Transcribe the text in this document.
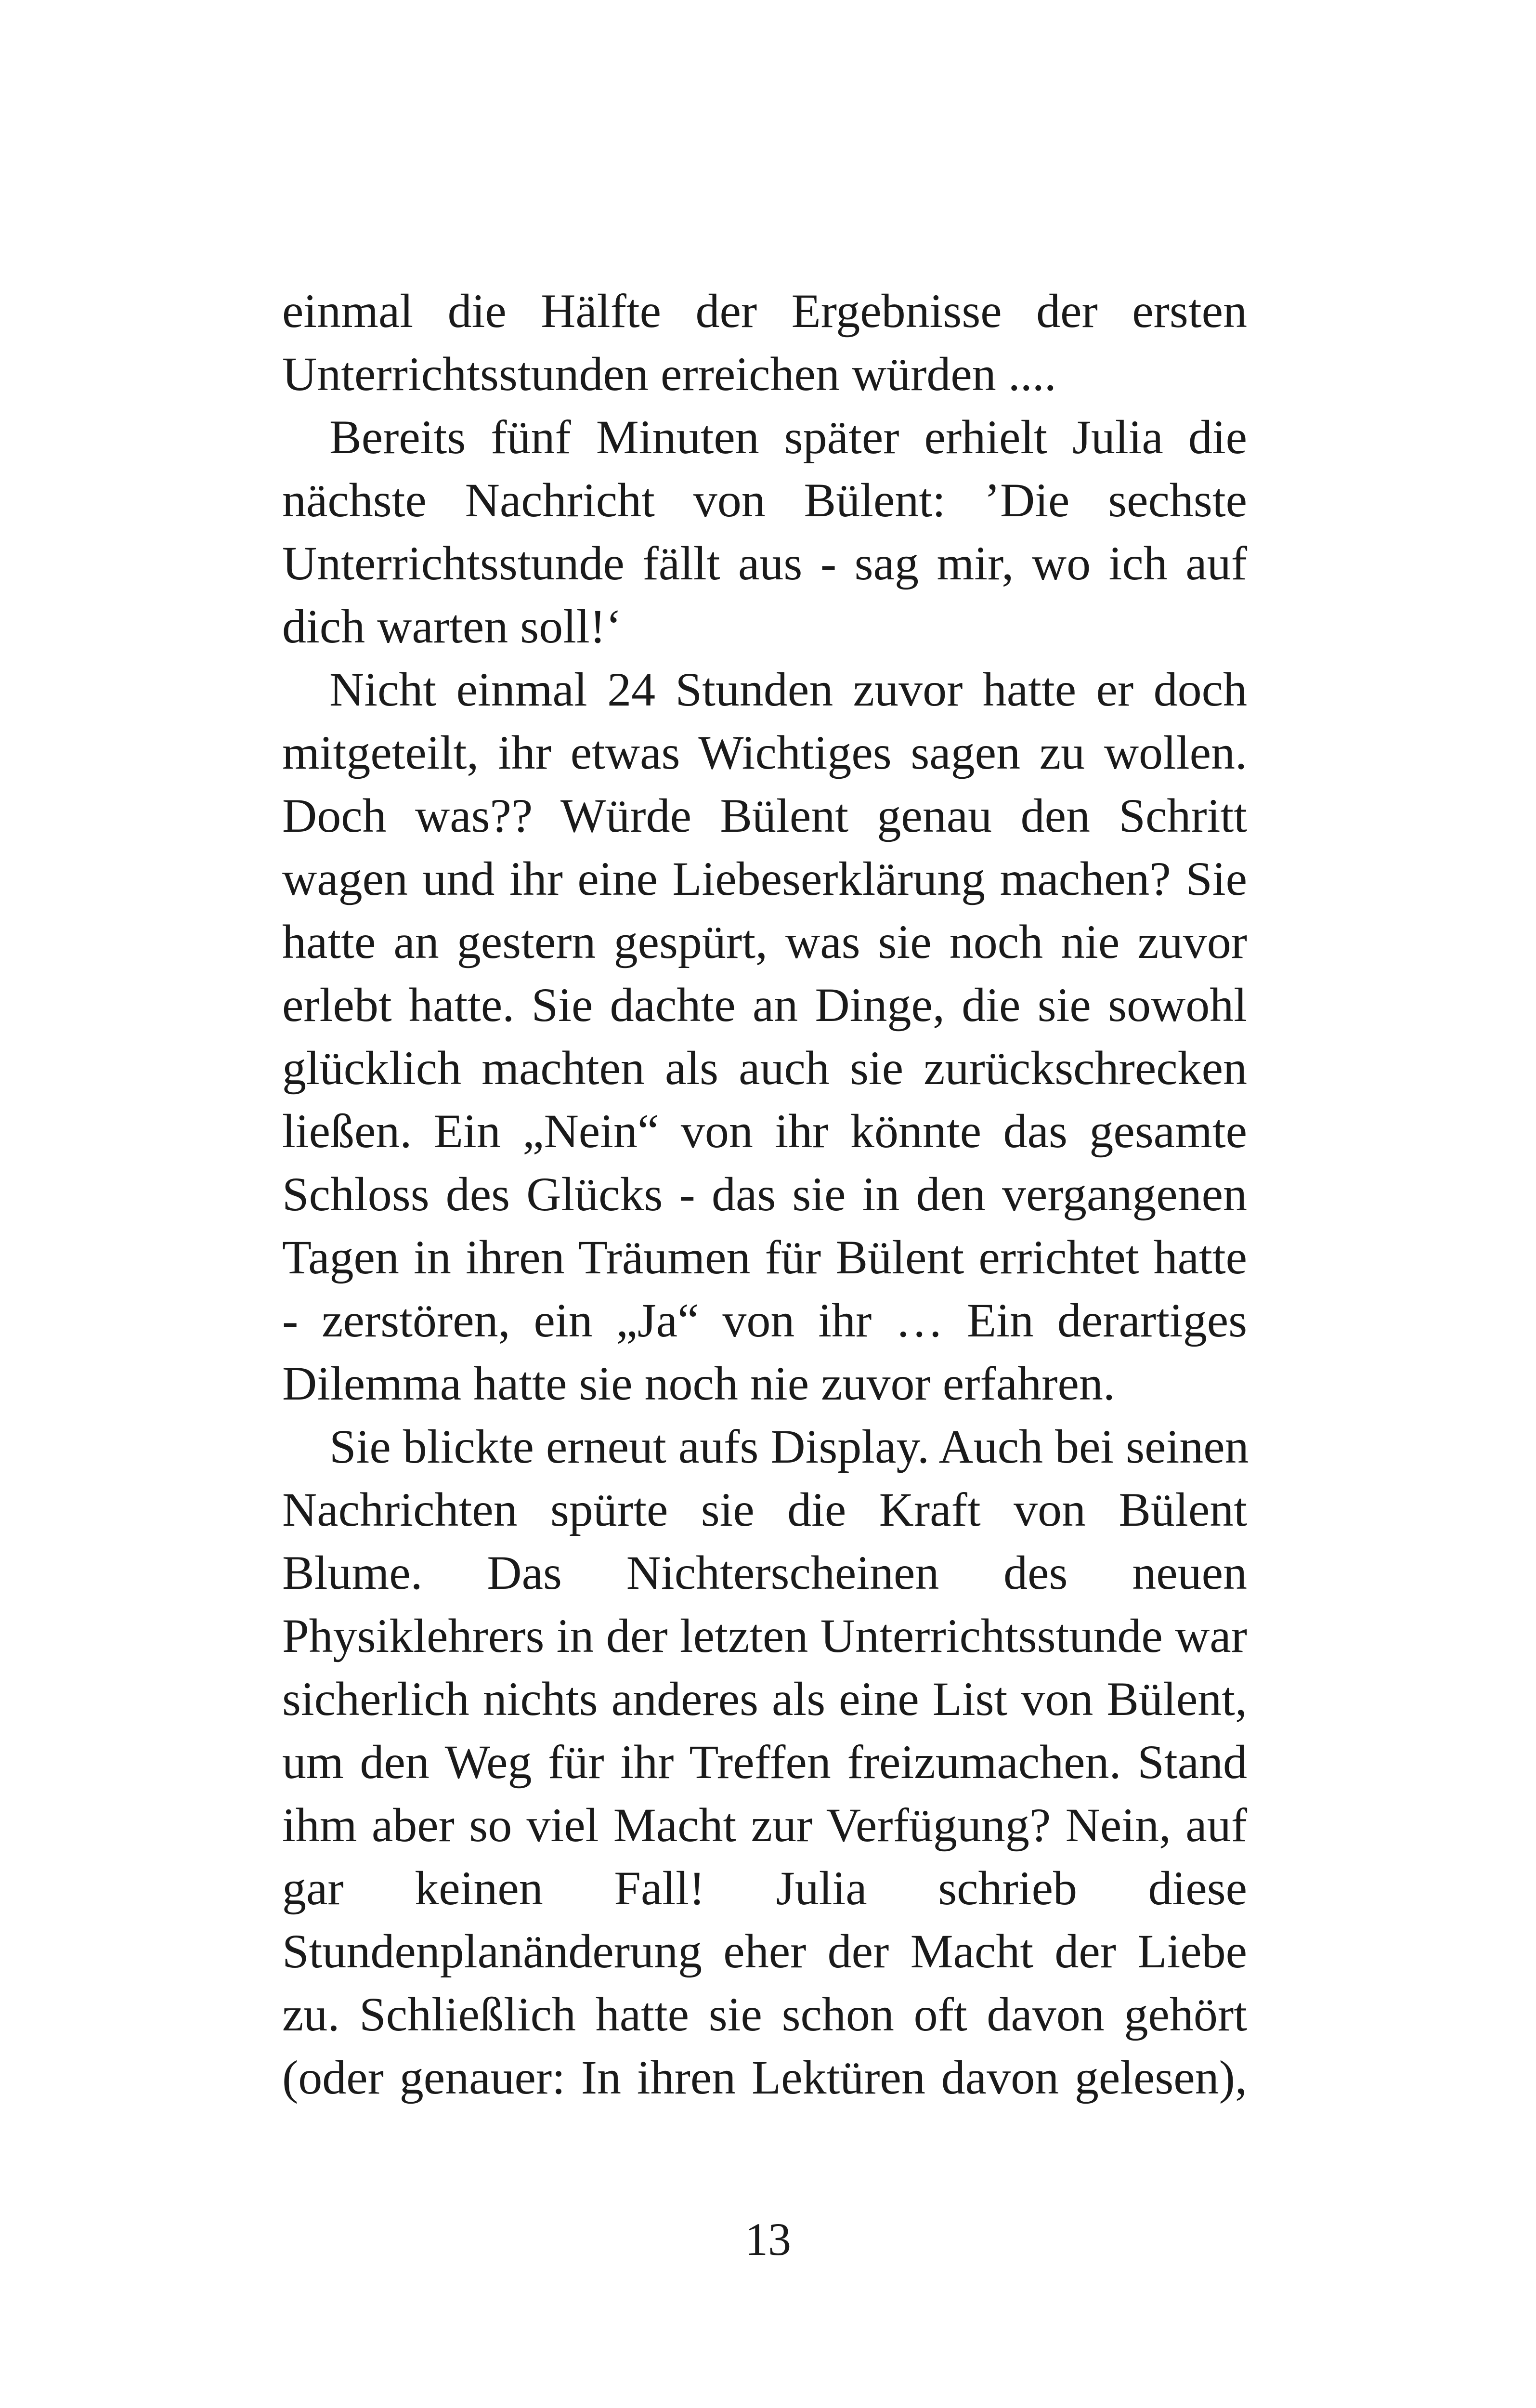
einmal die Hälfte der Ergebnisse der ersten
Unterrichtsstunden erreichen würden ....
Bereits fünf Minuten später erhielt Julia die
nächste Nachricht von Bülent: ’Die sechste
Unterrichtsstunde fällt aus - sag mir, wo ich auf
dich warten soll!‘
Nicht einmal 24 Stunden zuvor hatte er doch
mitgeteilt, ihr etwas Wichtiges sagen zu wollen.
Doch was?? Würde Bülent genau den Schritt
wagen und ihr eine Liebeserklärung machen? Sie
hatte an gestern gespürt, was sie noch nie zuvor
erlebt hatte. Sie dachte an Dinge, die sie sowohl
glücklich machten als auch sie zurückschrecken
ließen. Ein „Nein“ von ihr könnte das gesamte
Schloss des Glücks - das sie in den vergangenen
Tagen in ihren Träumen für Bülent errichtet hatte
- zerstören, ein „Ja“ von ihr … Ein derartiges
Dilemma hatte sie noch nie zuvor erfahren.
Sie blickte erneut aufs Display. Auch bei seinen
Nachrichten spürte sie die Kraft von Bülent
Blume. Das Nichterscheinen des neuen
Physiklehrers in der letzten Unterrichtsstunde war
sicherlich nichts anderes als eine List von Bülent,
um den Weg für ihr Treffen freizumachen. Stand
ihm aber so viel Macht zur Verfügung? Nein, auf
gar keinen Fall! Julia schrieb diese
Stundenplanänderung eher der Macht der Liebe
zu. Schließlich hatte sie schon oft davon gehört
(oder genauer: In ihren Lektüren davon gelesen),
13
